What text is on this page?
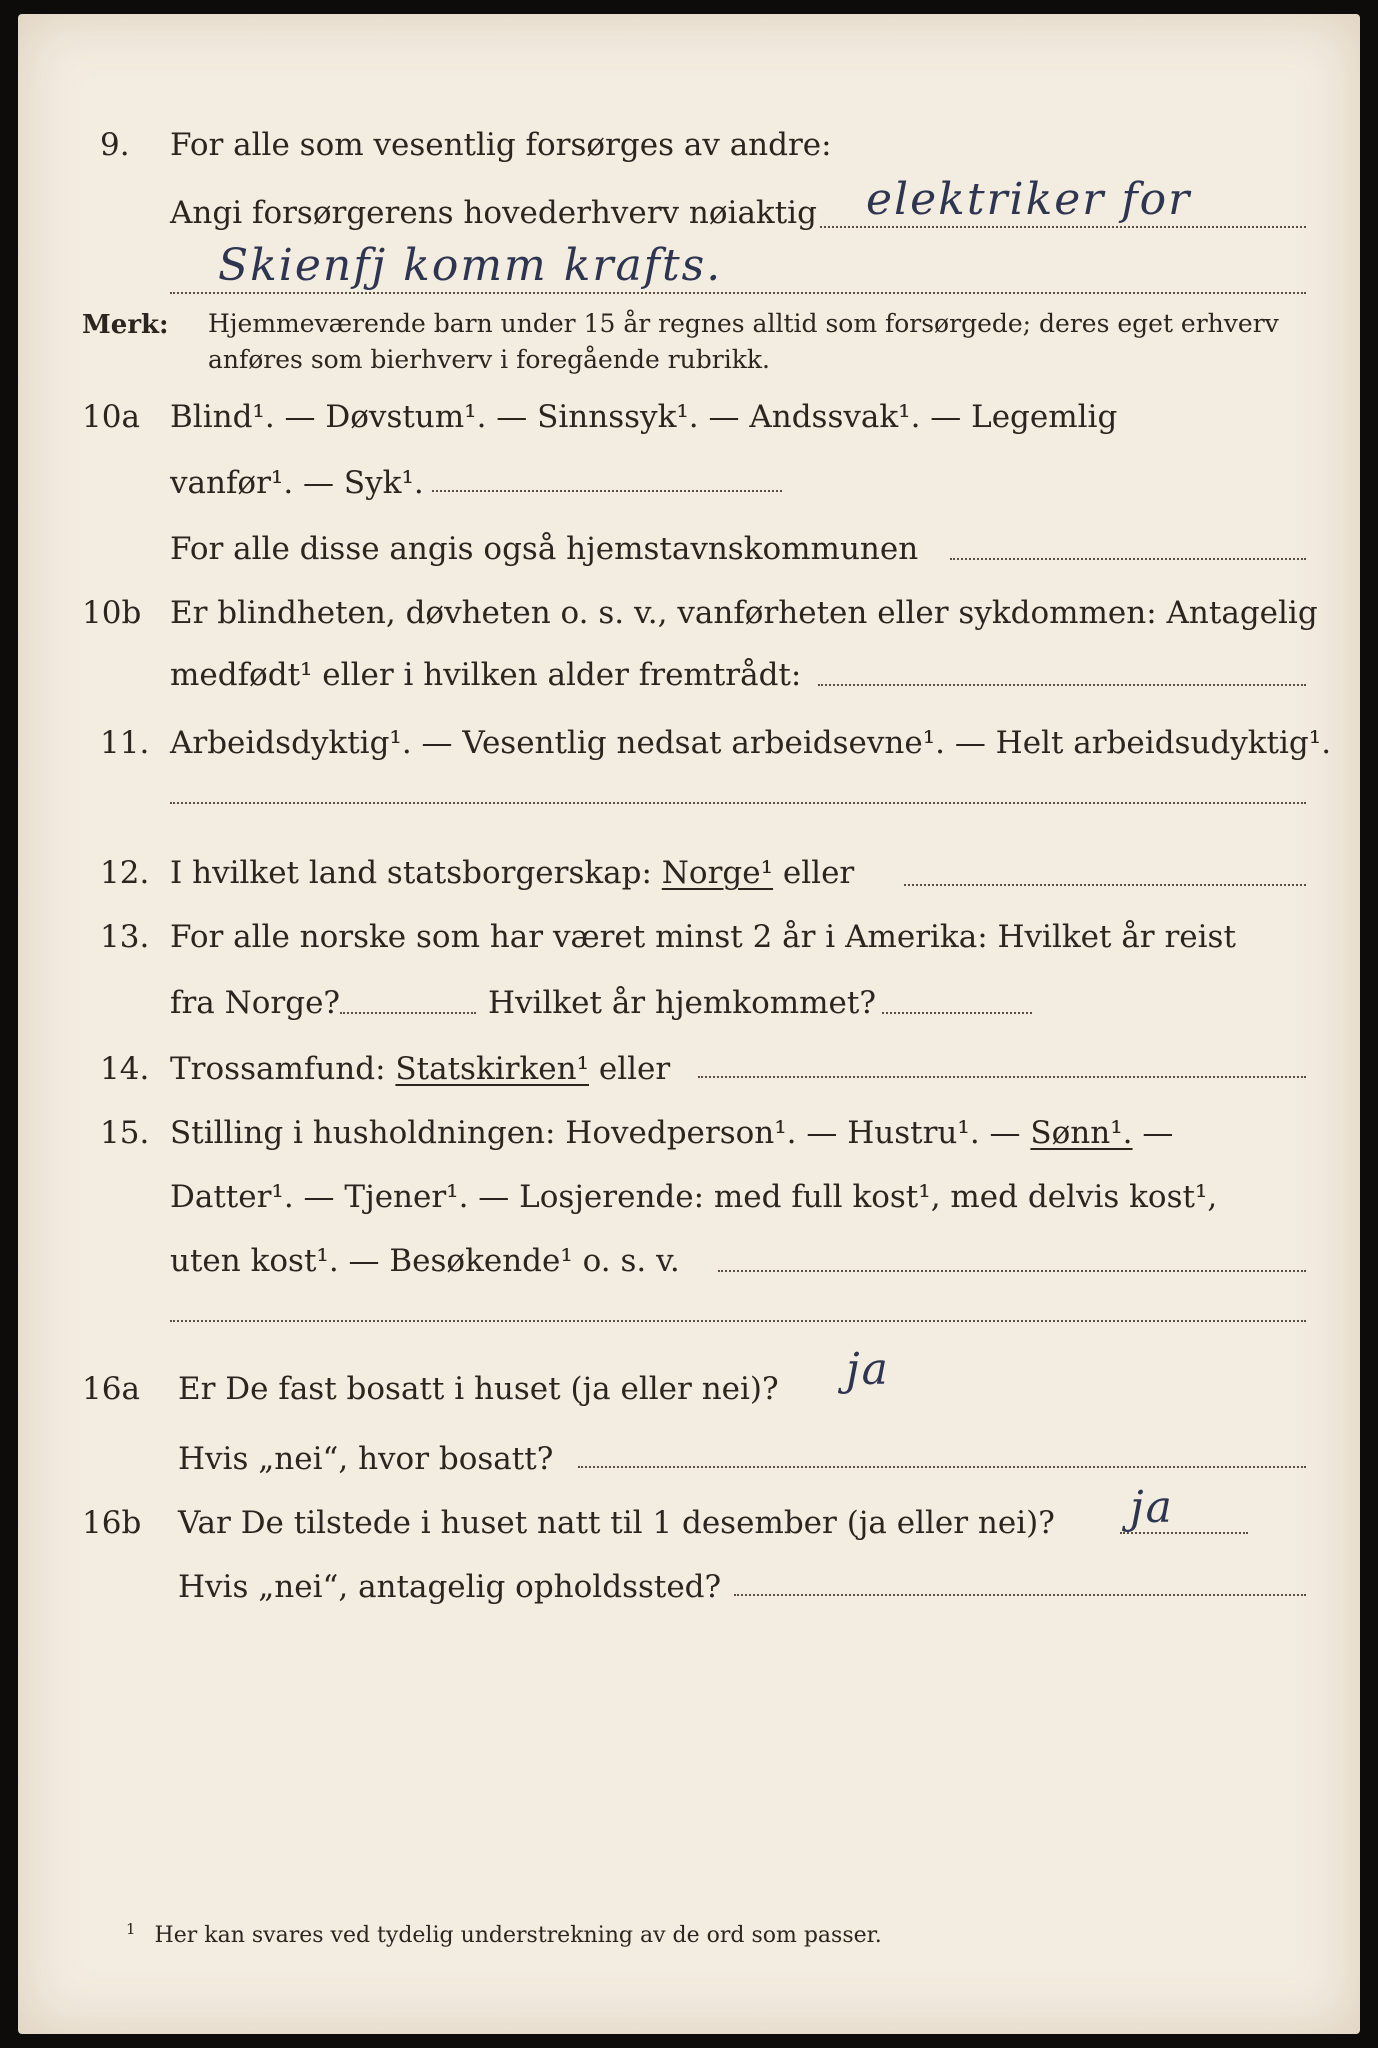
9. For alle som vesentlig forsørges av andre:
Angi forsørgerens hovederhverv nøiaktig elektriker for
Skienfj komm krafts.
Merk: Hjemmeværende barn under 15 år regnes alltid som forsørgede; deres eget erhverv
anføres som bierhverv i foregående rubrikk.
10a Blind¹. — Døvstum¹. — Sinnssyk¹. — Andssvak¹. — Legemlig
vanfør¹. — Syk¹.
For alle disse angis også hjemstavnskommunen
10b Er blindheten, døvheten o. s. v., vanførheten eller sykdommen: Antagelig
medfødt¹ eller i hvilken alder fremtrådt:
11. Arbeidsdyktig¹. — Vesentlig nedsat arbeidsevne¹. — Helt arbeidsudyktig¹.
12. I hvilket land statsborgerskap: Norge¹ eller
13. For alle norske som har været minst 2 år i Amerika: Hvilket år reist
fra Norge?	Hvilket år hjemkommet?
14. Trossamfund: Statskirken¹ eller
15. Stilling i husholdningen: Hovedperson¹. — Hustru¹. — Sønn¹. —
Datter¹. — Tjener¹. — Losjerende: med full kost¹, med delvis kost¹,
uten kost¹. — Besøkende¹ o. s. v.
16a Er De fast bosatt i huset (ja eller nei)? ja
Hvis „nei“, hvor bosatt?
16b Var De tilstede i huset natt til 1 desember (ja eller nei)? ja
Hvis „nei“, antagelig opholdssted?
$^1$ Her kan svares ved tydelig understrekning av de ord som passer.
